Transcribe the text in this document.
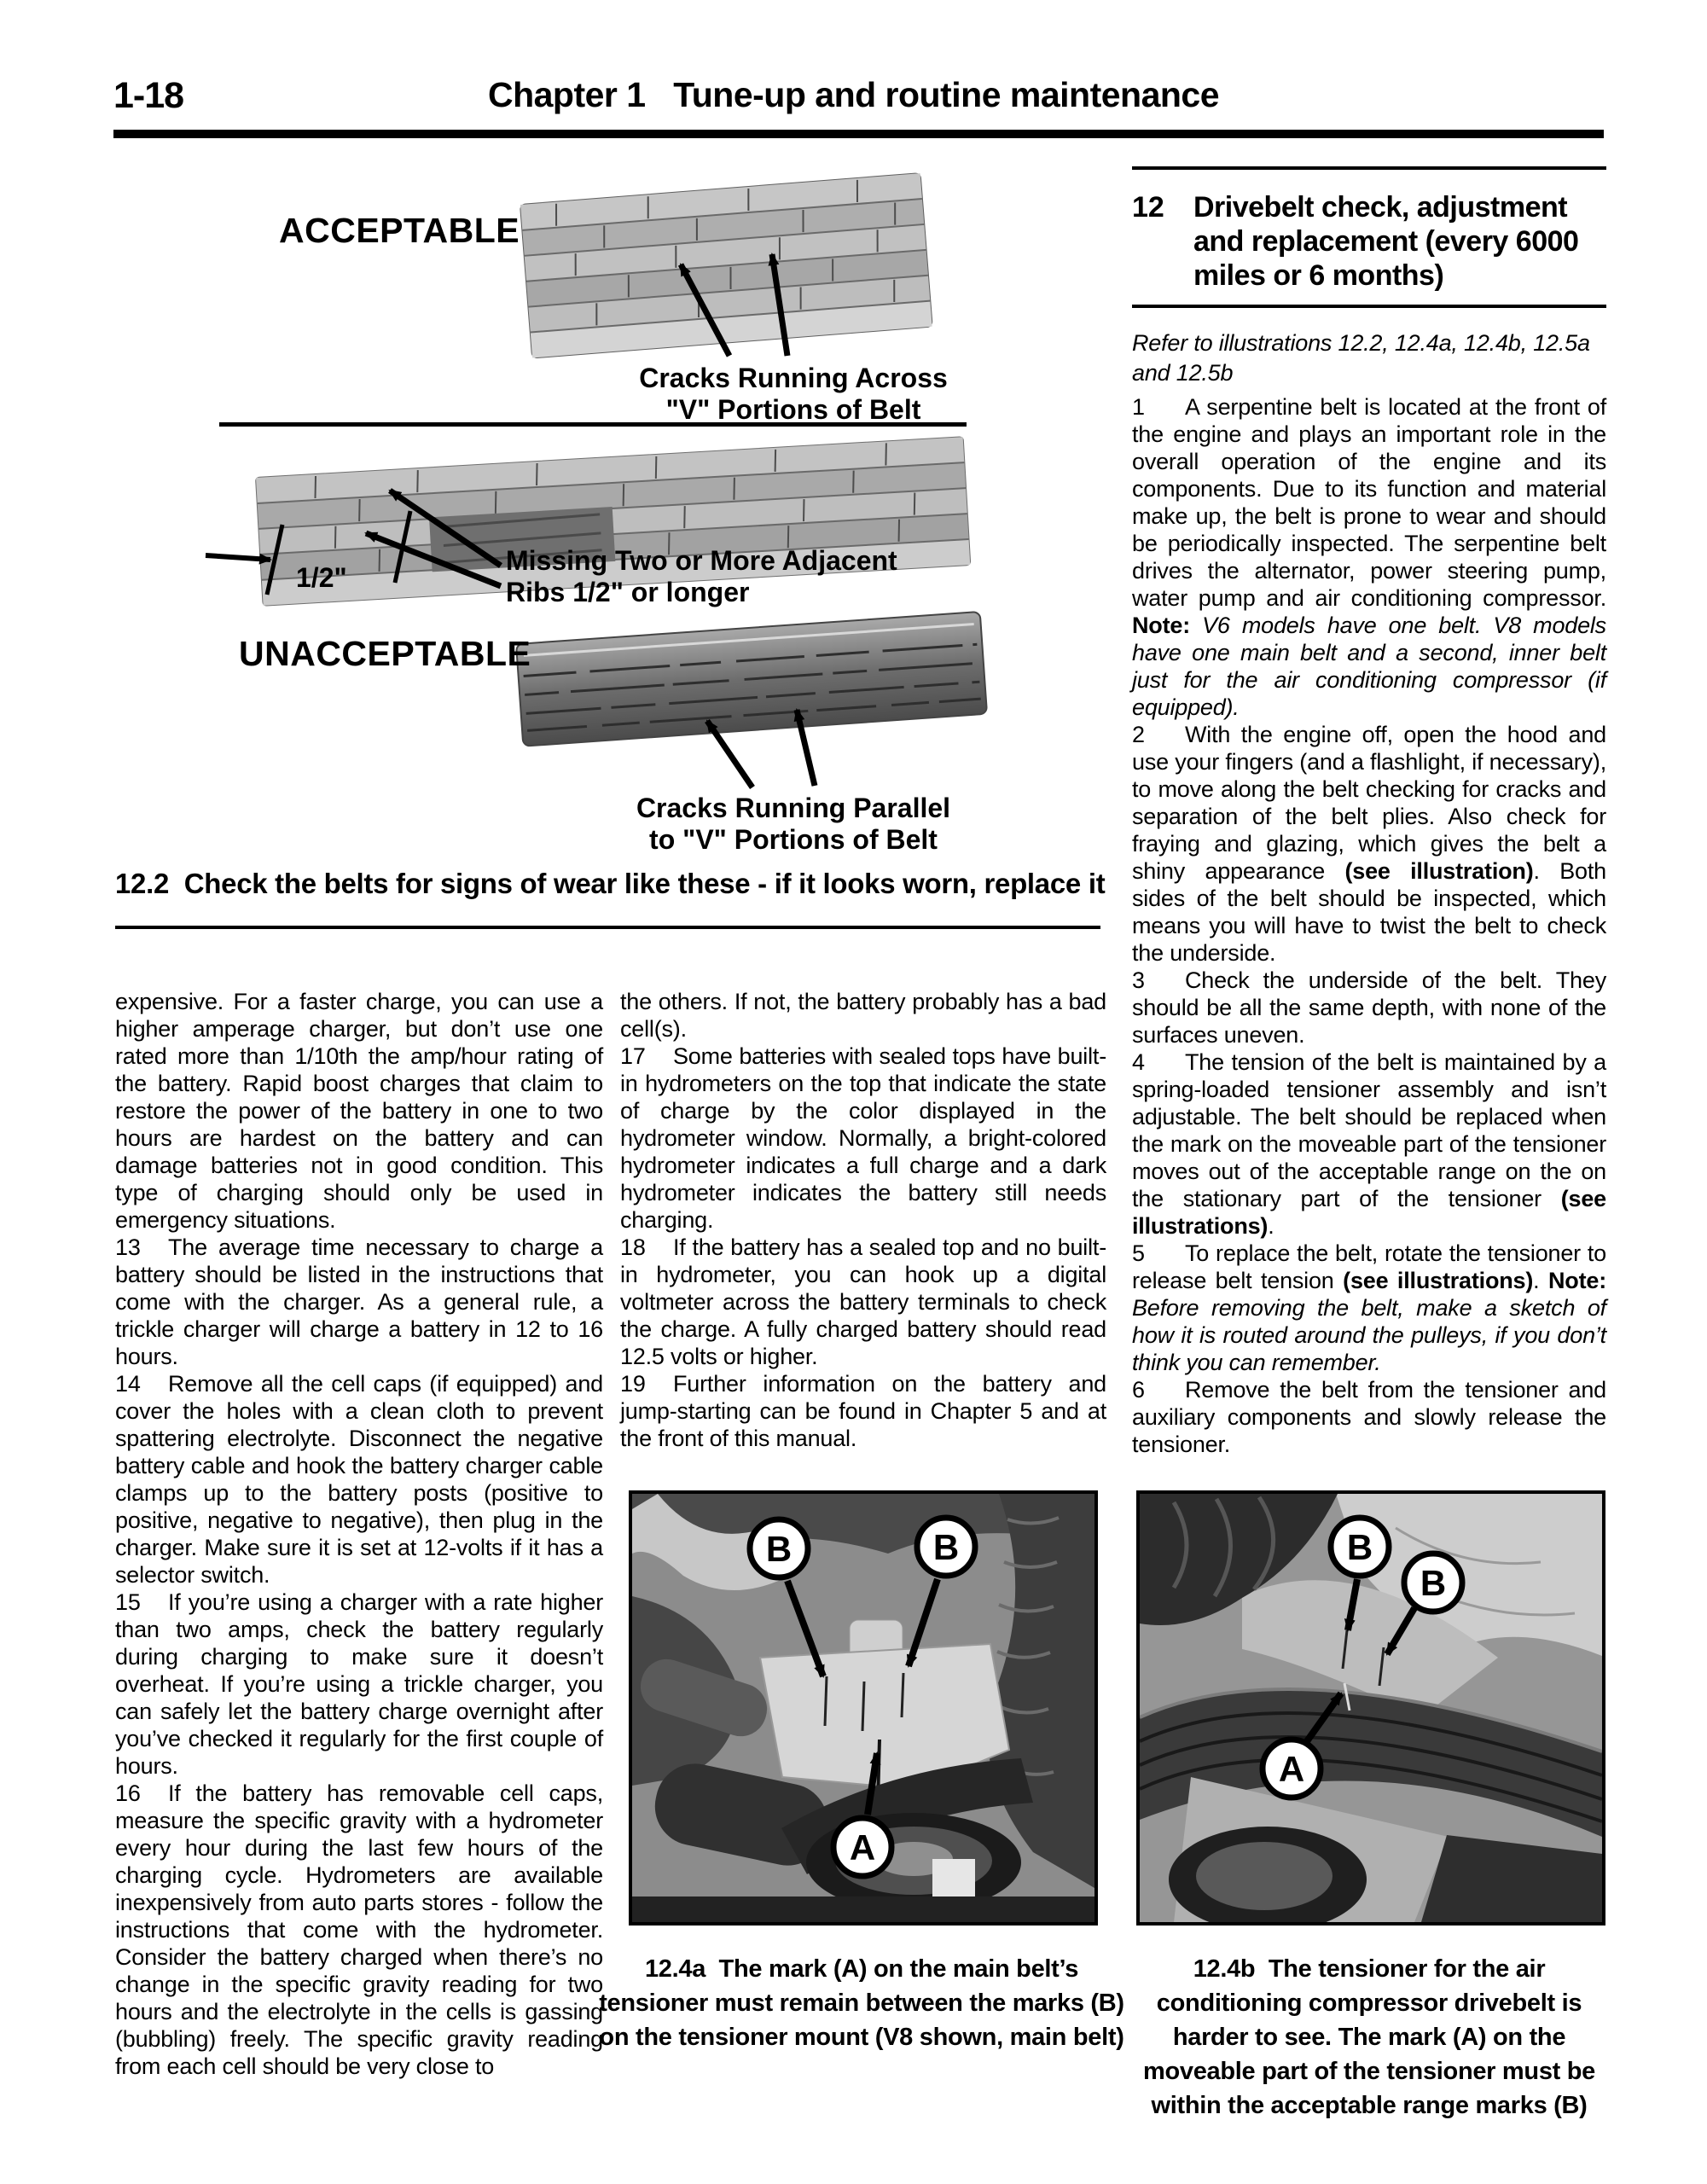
1-18	Chapter 1   Tune-up and routine maintenance
ACCEPTABLE
Cracks Running Across
"V" Portions of Belt
1/2"
Missing Two or More Adjacent
Ribs 1/2" or longer
UNACCEPTABLE
Cracks Running Parallel
to "V" Portions of Belt
12.2  Check the belts for signs of wear like these - if it looks worn, replace it

expensive. For a faster charge, you can use a higher amperage charger, but don’t use one rated more than 1/10th the amp/hour rating of the battery. Rapid boost charges that claim to restore the power of the battery in one to two hours are hardest on the battery and can damage batteries not in good condition. This type of charging should only be used in emergency situations.

13 The average time necessary to charge a battery should be listed in the instructions that come with the charger. As a general rule, a trickle charger will charge a battery in 12 to 16 hours.

14 Remove all the cell caps (if equipped) and cover the holes with a clean cloth to prevent spattering electrolyte. Disconnect the negative battery cable and hook the battery charger cable clamps up to the battery posts (positive to positive, negative to negative), then plug in the charger. Make sure it is set at 12-volts if it has a selector switch.

15 If you’re using a charger with a rate higher than two amps, check the battery regularly during charging to make sure it doesn’t overheat. If you’re using a trickle charger, you can safely let the battery charge overnight after you’ve checked it regularly for the first couple of hours.

16 If the battery has removable cell caps, measure the specific gravity with a hydrometer every hour during the last few hours of the charging cycle. Hydrometers are available inexpensively from auto parts stores - follow the instructions that come with the hydrometer. Consider the battery charged when there’s no change in the specific gravity reading for two hours and the electrolyte in the cells is gassing (bubbling) freely. The specific gravity reading from each cell should be very close to

the others. If not, the battery probably has a bad cell(s).

17 Some batteries with sealed tops have built-in hydrometers on the top that indicate the state of charge by the color displayed in the hydrometer window. Normally, a bright-colored hydrometer indicates a full charge and a dark hydrometer indicates the battery still needs charging.

18 If the battery has a sealed top and no built-in hydrometer, you can hook up a digital voltmeter across the battery terminals to check the charge. A fully charged battery should read 12.5 volts or higher.

19 Further information on the battery and jump-starting can be found in Chapter 5 and at the front of this manual.

12	Drivebelt check, adjustment and replacement (every 6000 miles or 6 months)

Refer to illustrations 12.2, 12.4a, 12.4b, 12.5a and 12.5b

1 A serpentine belt is located at the front of the engine and plays an important role in the overall operation of the engine and its components. Due to its function and material make up, the belt is prone to wear and should be periodically inspected. The serpentine belt drives the alternator, power steering pump, water pump and air conditioning compressor. Note: V6 models have one belt. V8 models have one main belt and a second, inner belt just for the air conditioning compressor (if equipped).

2 With the engine off, open the hood and use your fingers (and a flashlight, if necessary), to move along the belt checking for cracks and separation of the belt plies. Also check for fraying and glazing, which gives the belt a shiny appearance (see illustration). Both sides of the belt should be inspected, which means you will have to twist the belt to check the underside.

3 Check the underside of the belt. They should be all the same depth, with none of the surfaces uneven.

4 The tension of the belt is maintained by a spring-loaded tensioner assembly and isn’t adjustable. The belt should be replaced when the mark on the moveable part of the tensioner moves out of the acceptable range on the on the stationary part of the tensioner (see illustrations).

5 To replace the belt, rotate the tensioner to release belt tension (see illustrations). Note: Before removing the belt, make a sketch of how it is routed around the pulleys, if you don’t think you can remember.

6 Remove the belt from the tensioner and auxiliary components and slowly release the tensioner.

B	B
A
12.4a  The mark (A) on the main belt’s tensioner must remain between the marks (B) on the tensioner mount (V8 shown, main belt)
B
B
A
12.4b  The tensioner for the air conditioning compressor drivebelt is harder to see. The mark (A) on the moveable part of the tensioner must be within the acceptable range marks (B)
